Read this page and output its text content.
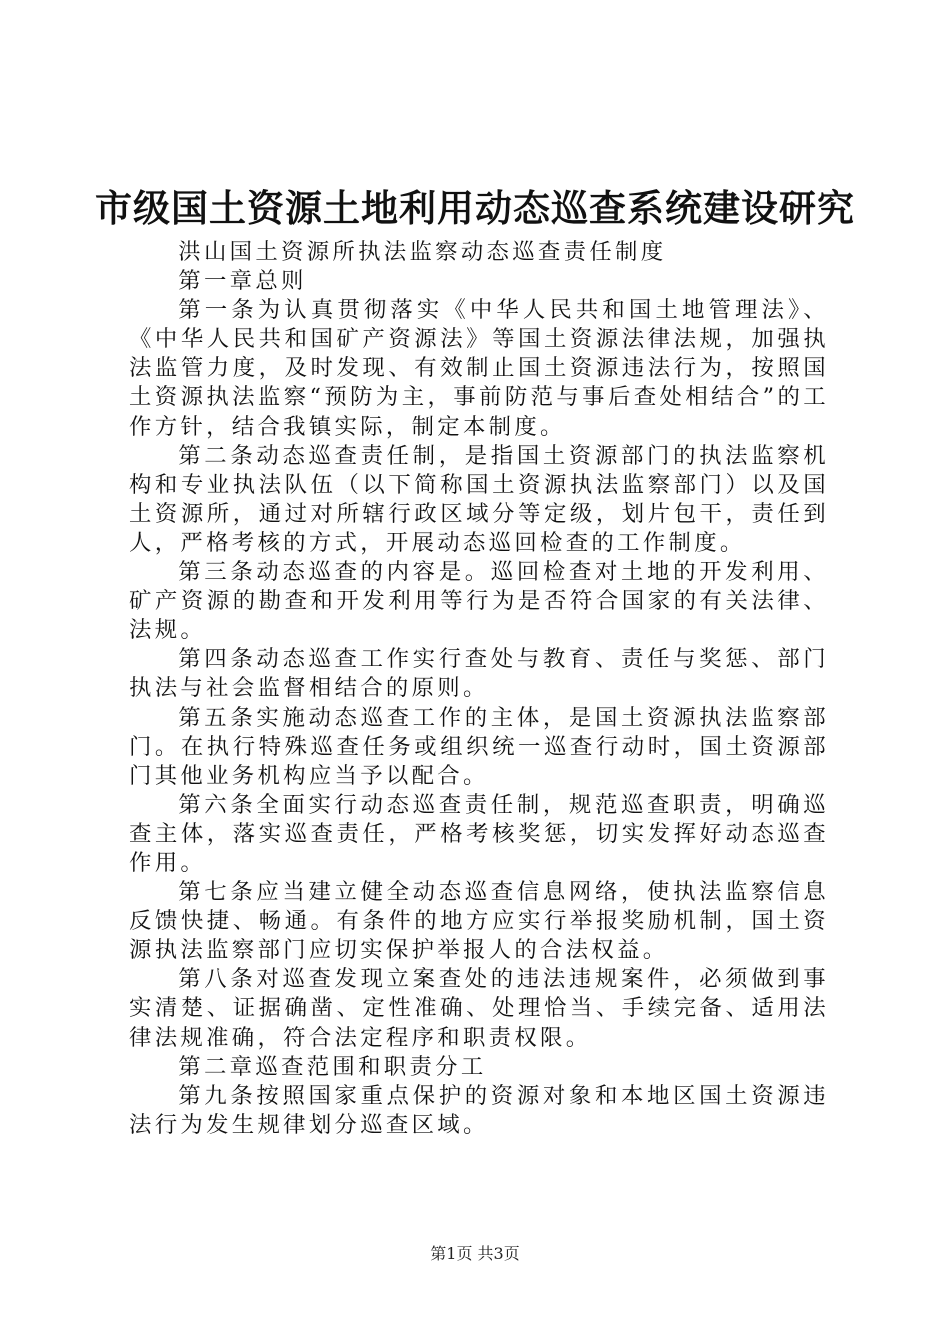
市级国土资源土地利用动态巡查系统建设研究

洪山国土资源所执法监察动态巡查责任制度

第一章总则

第一条为认真贯彻落实《中华人民共和国土地管理法》、《中华人民共和国矿产资源法》等国土资源法律法规，加强执法监管力度，及时发现、有效制止国土资源违法行为，按照国土资源执法监察“预防为主，事前防范与事后查处相结合”的工作方针，结合我镇实际，制定本制度。

第二条动态巡查责任制，是指国土资源部门的执法监察机构和专业执法队伍（以下简称国土资源执法监察部门）以及国土资源所，通过对所辖行政区域分等定级，划片包干，责任到人，严格考核的方式，开展动态巡回检查的工作制度。

第三条动态巡查的内容是。巡回检查对土地的开发利用、矿产资源的勘查和开发利用等行为是否符合国家的有关法律、法规。

第四条动态巡查工作实行查处与教育、责任与奖惩、部门执法与社会监督相结合的原则。

第五条实施动态巡查工作的主体，是国土资源执法监察部门。在执行特殊巡查任务或组织统一巡查行动时，国土资源部门其他业务机构应当予以配合。

第六条全面实行动态巡查责任制，规范巡查职责，明确巡查主体，落实巡查责任，严格考核奖惩，切实发挥好动态巡查作用。

第七条应当建立健全动态巡查信息网络，使执法监察信息反馈快捷、畅通。有条件的地方应实行举报奖励机制，国土资源执法监察部门应切实保护举报人的合法权益。

第八条对巡查发现立案查处的违法违规案件，必须做到事实清楚、证据确凿、定性准确、处理恰当、手续完备、适用法律法规准确，符合法定程序和职责权限。

第二章巡查范围和职责分工

第九条按照国家重点保护的资源对象和本地区国土资源违法行为发生规律划分巡查区域。

第1页 共3页
